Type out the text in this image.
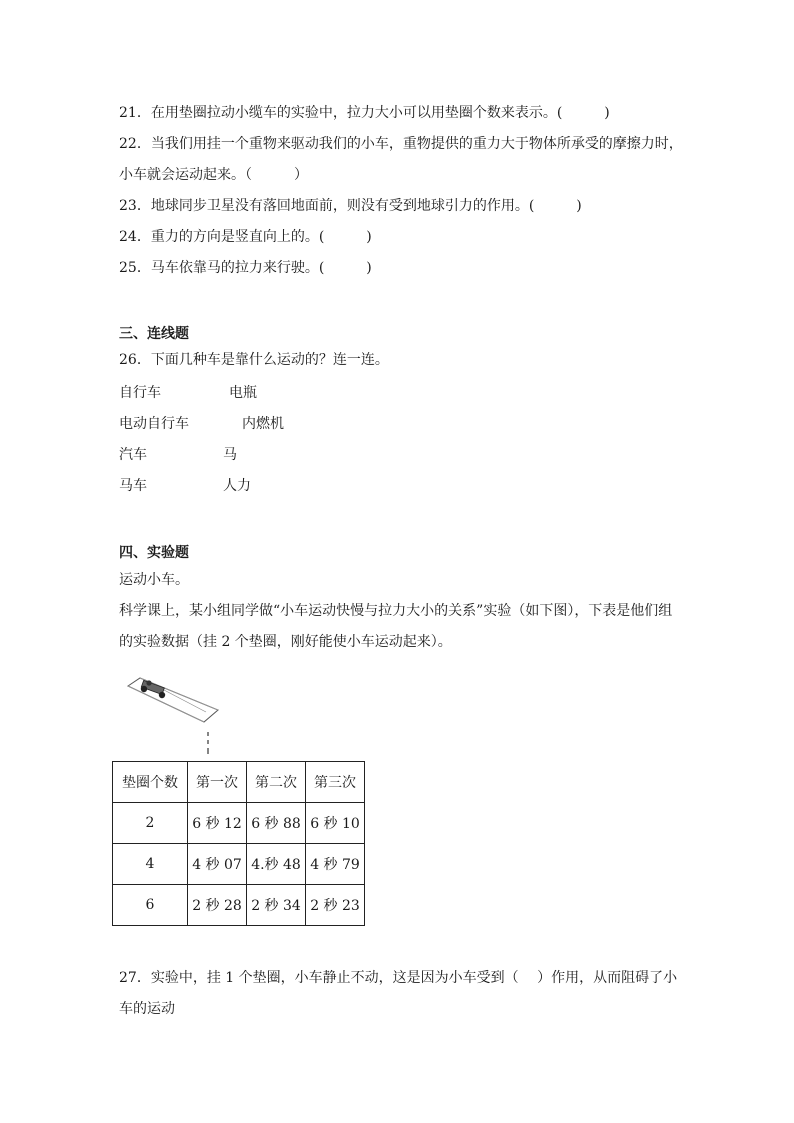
21．在用垫圈拉动小缆车的实验中，拉力大小可以用垫圈个数来表示。(　　　)
22．当我们用挂一个重物来驱动我们的小车，重物提供的重力大于物体所承受的摩擦力时，
小车就会运动起来。（　　　）
23．地球同步卫星没有落回地面前，则没有受到地球引力的作用。(　　　)
24．重力的方向是竖直向上的。(　　　)
25．马车依靠马的拉力来行驶。(　　　)
三、连线题
26．下面几种车是靠什么运动的？连一连。
自行车	电瓶
电动自行车	内燃机
汽车	马
马车	人力
四、实验题
运动小车。
科学课上，某小组同学做“小车运动快慢与拉力大小的关系”实验（如下图），下表是他们组
的实验数据（挂 2 个垫圈，刚好能使小车运动起来）。
垫圈个数	第一次	第二次	第三次
2	6 秒 12	6 秒 88	6 秒 10
4	4 秒 07	4.秒 48	4 秒 79
6	2 秒 28	2 秒 34	2 秒 23
27．实验中，挂 1 个垫圈，小车静止不动，这是因为小车受到（　 ）作用，从而阻碍了小
车的运动
